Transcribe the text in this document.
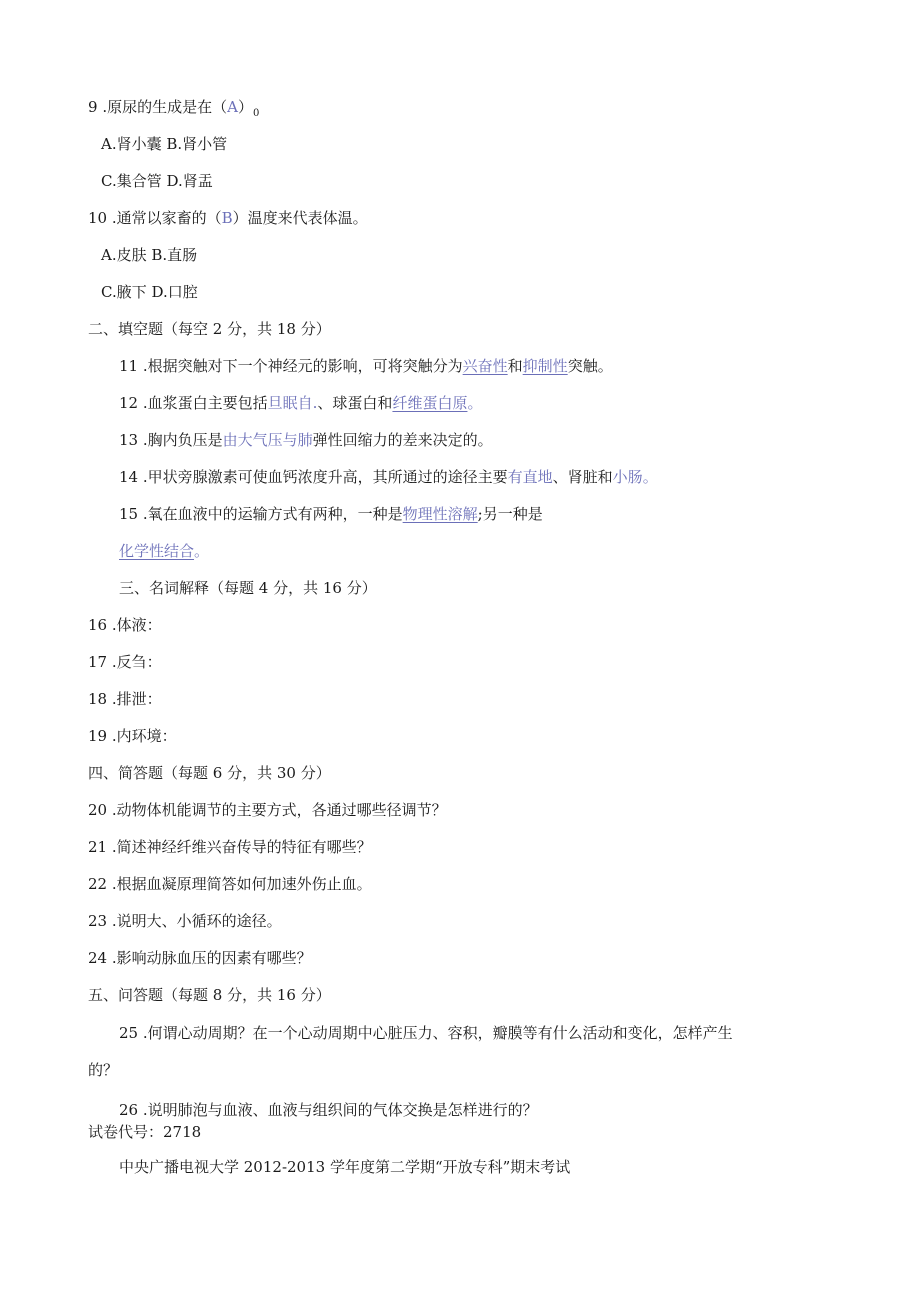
9 .原尿的生成是在$(A)_0$
A.肾小囊 B.肾小管
C.集合管 D.肾盂
10 .通常以家畜的（B）温度来代表体温。
A.皮肤 B.直肠
C.腋下 D.口腔
二、填空题（每空 2 分，共 18 分）
11 .根据突触对下一个神经元的影响，可将突触分为兴奋性和抑制性突触。
12 .血浆蛋白主要包括旦眠自.、球蛋白和纤维蛋白原。
13 .胸内负压是由大气压与肺弹性回缩力的差来决定的。
14 .甲状旁腺激素可使血钙浓度升高，其所通过的途径主要有直地、肾脏和小肠。
15 .氧在血液中的运输方式有两种，一种是物理性溶解;另一种是
化学性结合。
三、名词解释（每题 4 分，共 16 分）
16 .体液：
17 .反刍：
18 .排泄：
19 .内环境：
四、简答题（每题 6 分，共 30 分）
20 .动物体机能调节的主要方式，各通过哪些径调节？
21 .简述神经纤维兴奋传导的特征有哪些？
22 .根据血凝原理简答如何加速外伤止血。
23 .说明大、小循环的途径。
24 .影响动脉血压的因素有哪些？
五、问答题（每题 8 分，共 16 分）
25 .何谓心动周期？在一个心动周期中心脏压力、容积，瓣膜等有什么活动和变化，怎样产生
的？
26 .说明肺泡与血液、血液与组织间的气体交换是怎样进行的？
试卷代号：2718
中央广播电视大学 2012-2013 学年度第二学期“开放专科”期末考试
